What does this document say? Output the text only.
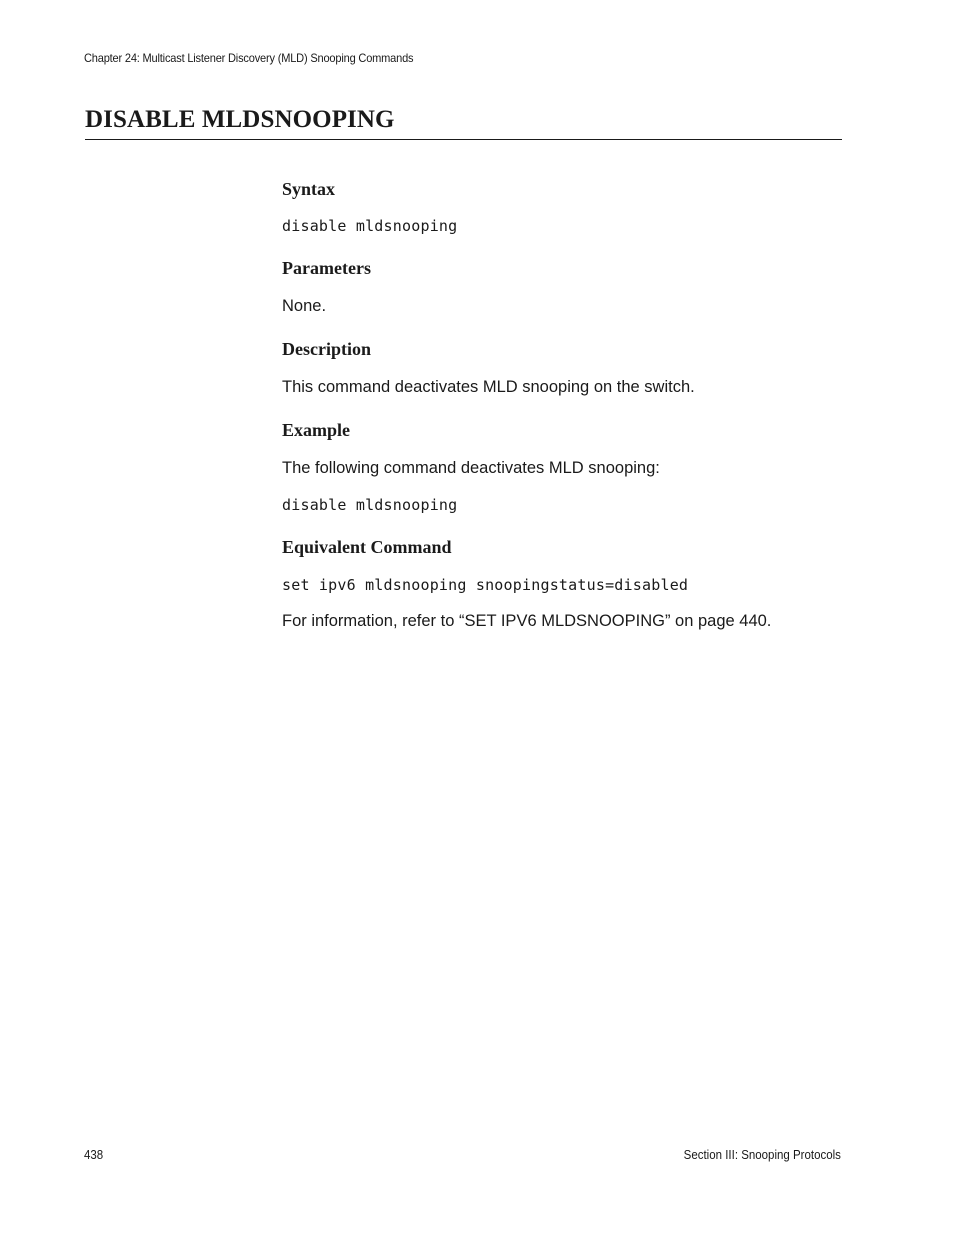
Chapter 24: Multicast Listener Discovery (MLD) Snooping Commands
DISABLE MLDSNOOPING
Syntax
disable mldsnooping
Parameters

None.

Description

This command deactivates MLD snooping on the switch.

Example

The following command deactivates MLD snooping:

disable mldsnooping
Equivalent Command
set ipv6 mldsnooping snoopingstatus=disabled

For information, refer to “SET IPV6 MLDSNOOPING” on page 440.

438	Section III: Snooping Protocols
